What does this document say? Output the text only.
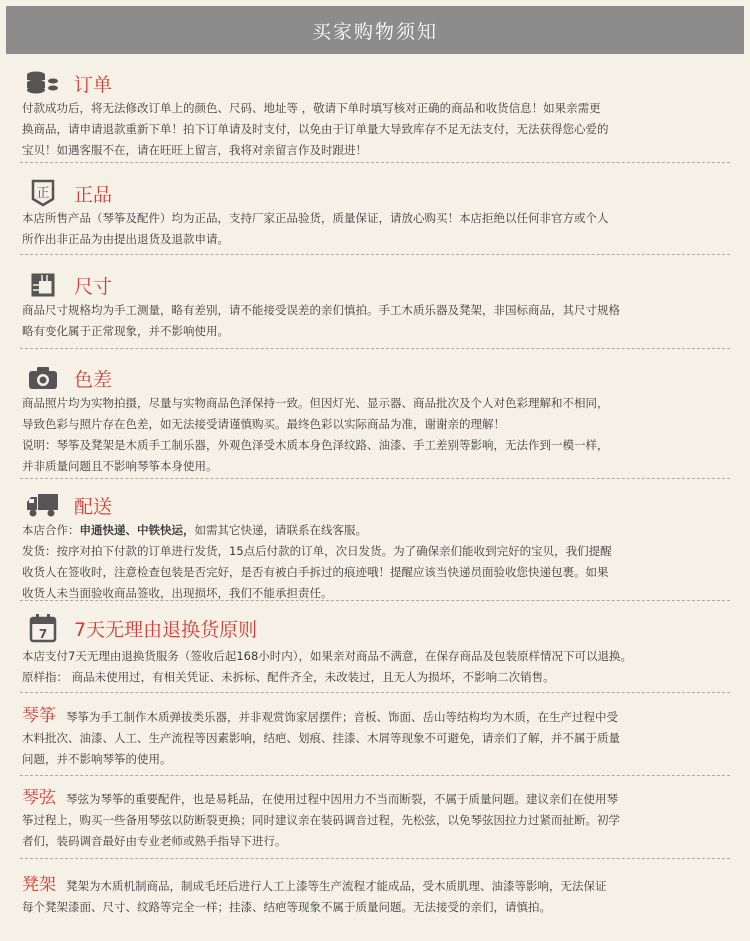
买家购物须知
订单

付款成功后，将无法修改订单上的颜色、尺码、地址等 ，敬请下单时填写核对正确的商品和收货信息！如果亲需更

换商品，请申请退款重新下单！拍下订单请及时支付，以免由于订单量大导致库存不足无法支付，无法获得您心爱的

宝贝！如遇客服不在，请在旺旺上留言，我将对亲留言作及时跟进！

正 正品

本店所售产品（琴筝及配件）均为正品，支持厂家正品验货，质量保证，请放心购买！本店拒绝以任何非官方或个人

所作出非正品为由提出退货及退款申请。

尺寸

商品尺寸规格均为手工测量，略有差别，请不能接受误差的亲们慎拍。手工木质乐器及凳架，非国标商品，其尺寸规格

略有变化属于正常现象，并不影响使用。

色差

商品照片均为实物拍摄，尽量与实物商品色泽保持一致。但因灯光、显示器、商品批次及个人对色彩理解和不相同，

导致色彩与照片存在色差，如无法接受请谨慎购买。最终色彩以实际商品为准，谢谢亲的理解！

说明：琴筝及凳架是木质手工制乐器，外观色泽受木质本身色泽纹路、油漆、手工差别等影响，无法作到一模一样，

并非质量问题且不影响琴筝本身使用。

配送

本店合作：申通快递、中铁快运，如需其它快递，请联系在线客服。

发货：按序对拍下付款的订单进行发货，15点后付款的订单，次日发货。为了确保亲们能收到完好的宝贝，我们提醒

收货人在签收时，注意检查包装是否完好，是否有被白手拆过的痕迹哦！提醒应该当快递员面验收您快递包裹。如果

收货人未当面验收商品签收，出现损坏，我们不能承担责任。

7 7天无理由退换货原则

本店支付7天无理由退换货服务（签收后起168小时内），如果亲对商品不满意，在保存商品及包装原样情况下可以退换。

原样指： 商品未使用过，有相关凭证、未拆标、配件齐全，未改装过，且无人为损坏，不影响二次销售。

琴筝 琴筝为手工制作木质弹拔类乐器，并非观赏饰家居摆件；音板、饰面、岳山等结构均为木质，在生产过程中受

木料批次、油漆、人工、生产流程等因素影响，结疤、划痕、挂漆、木屑等现象不可避免，请亲们了解，并不属于质量

问题，并不影响琴筝的使用。

琴弦 琴弦为琴筝的重要配件，也是易耗品，在使用过程中因用力不当而断裂，不属于质量问题。建议亲们在使用琴

筝过程上，购买一些备用琴弦以防断裂更换；同时建议亲在装码调音过程，先松弦，以免琴弦因拉力过紧而扯断。初学

者们，装码调音最好由专业老师或熟手指导下进行。

凳架 凳架为木质机制商品，制成毛坯后进行人工上漆等生产流程才能成品，受木质肌理、油漆等影响，无法保证

每个凳架漆面、尺寸、纹路等完全一样；挂漆、结疤等现象不属于质量问题。无法接受的亲们，请慎拍。
